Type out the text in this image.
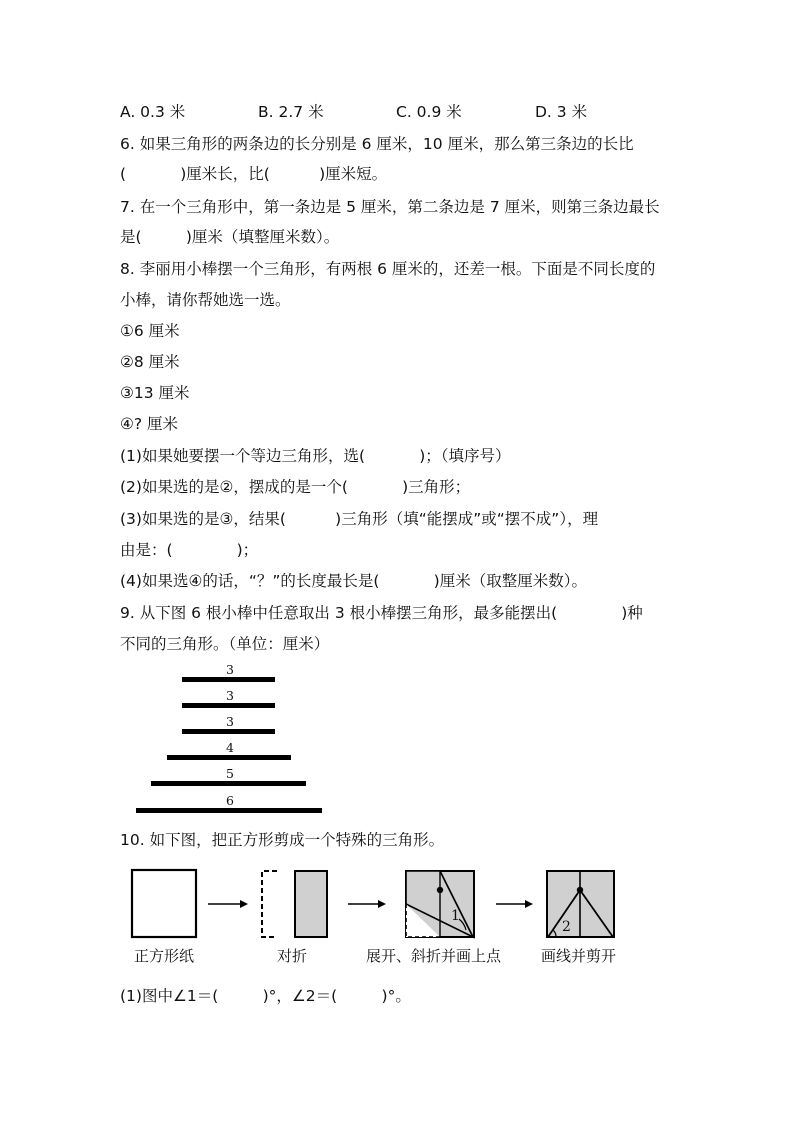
A. 0.3 米	B. 2.7 米	C. 0.9 米	D. 3 米
6. 如果三角形的两条边的长分别是 6 厘米，10 厘米，那么第三条边的长比
(           )厘米长，比(          )厘米短。
7. 在一个三角形中，第一条边是 5 厘米，第二条边是 7 厘米，则第三条边最长
是(         )厘米（填整厘米数）。
8. 李丽用小棒摆一个三角形，有两根 6 厘米的，还差一根。下面是不同长度的
小棒，请你帮她选一选。
①6 厘米
②8 厘米
③13 厘米
④? 厘米
(1)如果她要摆一个等边三角形，选(           )；（填序号）
(2)如果选的是②，摆成的是一个(           )三角形；
(3)如果选的是③，结果(          )三角形（填“能摆成”或“摆不成”），理
由是：(             )；
(4)如果选④的话，“？”的长度最长是(           )厘米（取整厘米数）。
9. 从下图 6 根小棒中任意取出 3 根小棒摆三角形，最多能摆出(             )种
不同的三角形。（单位：厘米）
3
3
3
4
5
6
10. 如下图，把正方形剪成一个特殊的三角形。
1
2
正方形纸	对折	展开、斜折并画上点	画线并剪开
(1)图中∠1＝(         )°，∠2＝(         )°。
